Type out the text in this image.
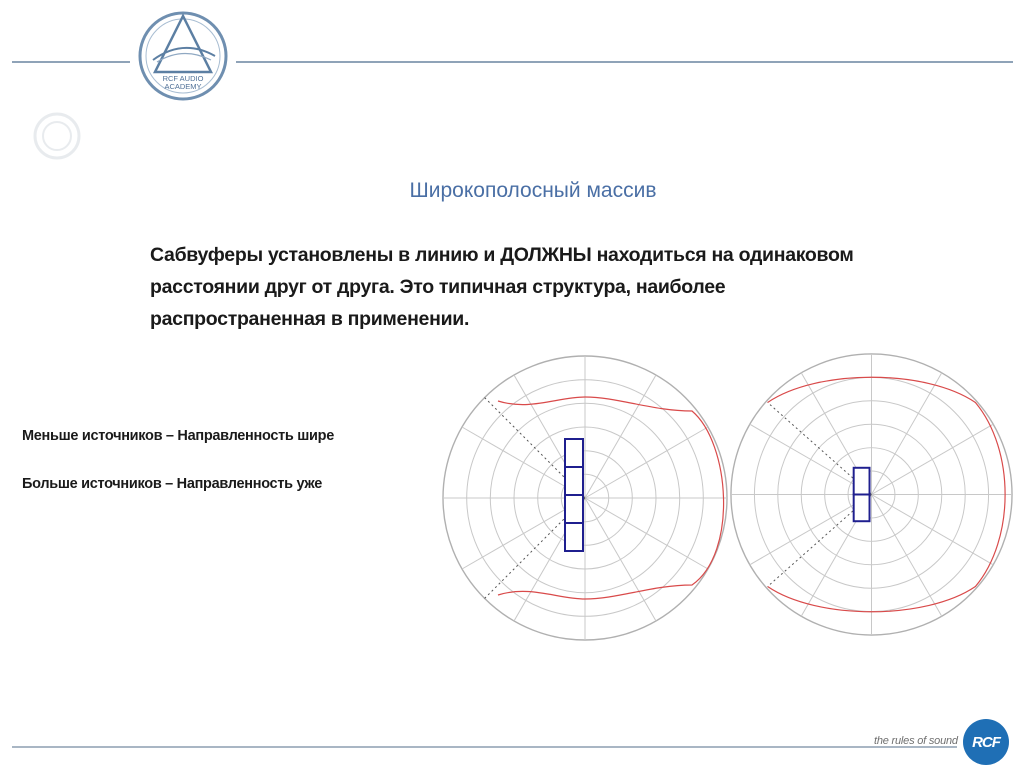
RCF AUDIO
ACADEMY
Широкополосный массив
Сабвуферы установлены в линию и ДОЛЖНЫ находиться на одинаковом
расстоянии друг от друга. Это типичная структура, наиболее
распространенная в применении.
Меньше источников – Направленность шире
Больше источников – Направленность уже
the rules of sound RCF
